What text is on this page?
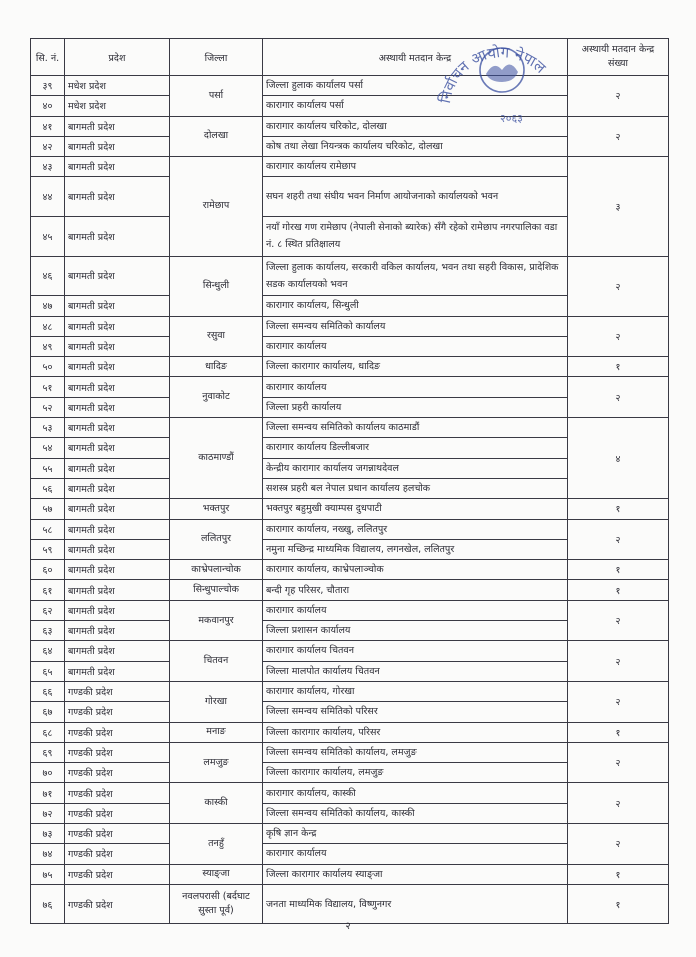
सि. नं.	प्रदेश	जिल्ला	अस्थायी मतदान केन्द्र	अस्थायी मतदान केन्द्र संख्या
३९	मधेश प्रदेश	पर्सा	जिल्ला हुलाक कार्यालय पर्सा	२
४०	मधेश प्रदेश		कारागार कार्यालय पर्सा	
४१	बागमती प्रदेश	दोलखा	कारागार कार्यालय चरिकोट, दोलखा	२
४२	बागमती प्रदेश		कोष तथा लेखा नियन्त्रक कार्यालय चरिकोट, दोलखा	
४३	बागमती प्रदेश	रामेछाप	कारागार कार्यालय रामेछाप	३
४४	बागमती प्रदेश		सघन शहरी तथा संघीय भवन निर्माण आयोजनाको कार्यालयको भवन	
४५	बागमती प्रदेश		नयाँ गोरख गण रामेछाप (नेपाली सेनाको ब्यारेक) सँगै रहेको रामेछाप नगरपालिका वडा नं. ८ स्थित प्रतिक्षालय	
४६	बागमती प्रदेश	सिन्धुली	जिल्ला हुलाक कार्यालय, सरकारी वकिल कार्यालय, भवन तथा सहरी विकास, प्रादेशिक सडक कार्यालयको भवन	२
४७	बागमती प्रदेश		कारागार कार्यालय, सिन्धुली	
४८	बागमती प्रदेश	रसुवा	जिल्ला समन्वय समितिको कार्यालय	२
४९	बागमती प्रदेश		कारागार कार्यालय	
५०	बागमती प्रदेश	धादिङ	जिल्ला कारागार कार्यालय, धादिङ	१
५१	बागमती प्रदेश	नुवाकोट	कारागार कार्यालय	२
५२	बागमती प्रदेश		जिल्ला प्रहरी कार्यालय	
५३	बागमती प्रदेश	काठमाण्डौं	जिल्ला समन्वय समितिको कार्यालय काठमाडौं	४
५४	बागमती प्रदेश		कारागार कार्यालय डिल्लीबजार	
५५	बागमती प्रदेश		केन्द्रीय कारागार कार्यालय जगन्नाथदेवल	
५६	बागमती प्रदेश		सशस्त्र प्रहरी बल नेपाल प्रधान कार्यालय हलचोक	
५७	बागमती प्रदेश	भक्तपुर	भक्तपुर बहुमुखी क्याम्पस दुधपाटी	१
५८	बागमती प्रदेश	ललितपुर	कारागार कार्यालय, नख्खु, ललितपुर	२
५९	बागमती प्रदेश		नमुना मच्छिन्द्र माध्यमिक विद्यालय, लगनखेल, ललितपुर	
६०	बागमती प्रदेश	काभ्रेपलान्चोक	कारागार कार्यालय, काभ्रेपलाञ्चोक	१
६१	बागमती प्रदेश	सिन्धुपाल्चोक	बन्दी गृह परिसर, चौतारा	१
६२	बागमती प्रदेश	मकवानपुर	कारागार कार्यालय	२
६३	बागमती प्रदेश		जिल्ला प्रशासन कार्यालय	
६४	बागमती प्रदेश	चितवन	कारागार कार्यालय चितवन	२
६५	बागमती प्रदेश		जिल्ला मालपोत कार्यालय चितवन	
६६	गण्डकी प्रदेश	गोरखा	कारागार कार्यालय, गोरखा	२
६७	गण्डकी प्रदेश		जिल्ला समन्वय समितिको परिसर	
६८	गण्डकी प्रदेश	मनाङ	जिल्ला कारागार कार्यालय, परिसर	१
६९	गण्डकी प्रदेश	लमजुङ	जिल्ला समन्वय समितिको कार्यालय, लमजुङ	२
७०	गण्डकी प्रदेश		जिल्ला कारागार कार्यालय, लमजुङ	
७१	गण्डकी प्रदेश	कास्की	कारागार कार्यालय, कास्की	२
७२	गण्डकी प्रदेश		जिल्ला समन्वय समितिको कार्यालय, कास्की	
७३	गण्डकी प्रदेश	तनहुँ	कृषि ज्ञान केन्द्र	२
७४	गण्डकी प्रदेश		कारागार कार्यालय	
७५	गण्डकी प्रदेश	स्याङ्जा	जिल्ला कारागार कार्यालय स्याङ्जा	१
७६	गण्डकी प्रदेश	नवलपरासी (बर्दघाट सुस्ता पूर्व)	जनता माध्यमिक विद्यालय, विष्णुनगर	१
निर्वाचन आयोग नेपाल
२०६३
२
